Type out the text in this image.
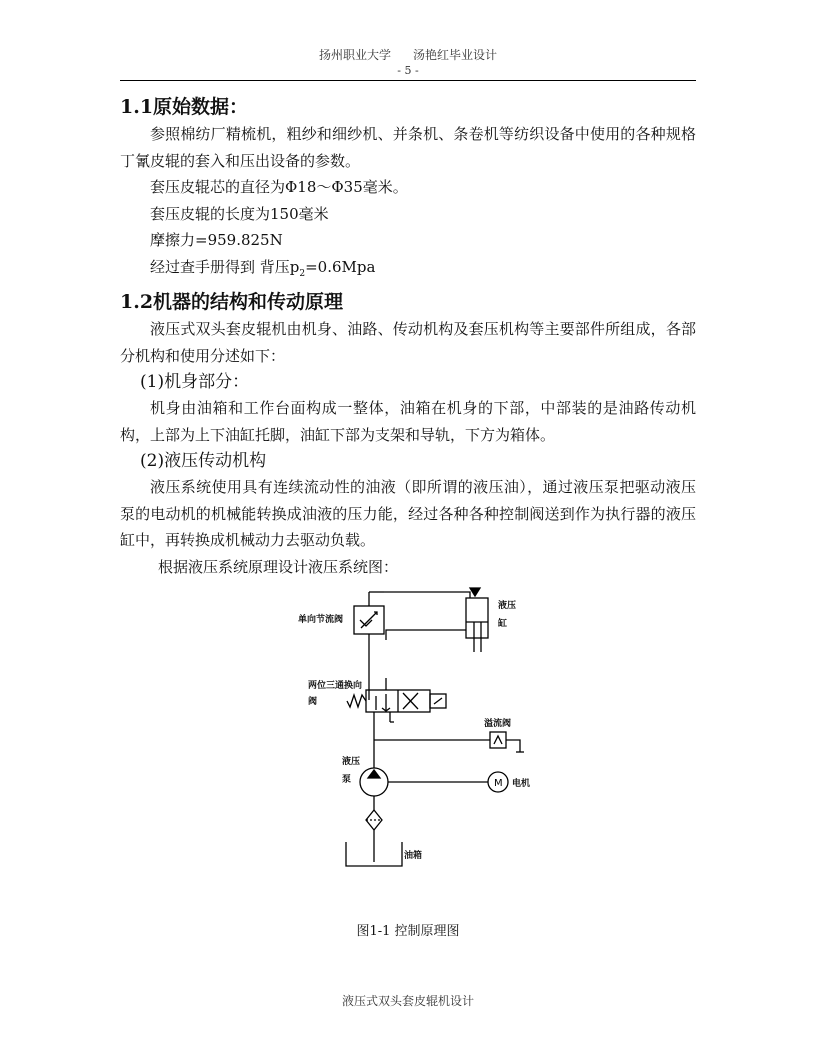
扬州职业大学 汤艳红毕业设计
- 5 -
1.1原始数据：

参照棉纺厂精梳机，粗纱和细纱机、并条机、条卷机等纺织设备中使用的各种规格丁氰皮辊的套入和压出设备的参数。

套压皮辊芯的直径为Φ18～Φ35毫米。

套压皮辊的长度为150毫米

摩擦力=959.825N

经过查手册得到 背压$p_2=0.6Mpa$

1.2机器的结构和传动原理

液压式双头套皮辊机由机身、油路、传动机构及套压机构等主要部件所组成，各部分机构和使用分述如下：

(1)机身部分：

机身由油箱和工作台面构成一整体，油箱在机身的下部，中部装的是油路传动机构，上部为上下油缸托脚，油缸下部为支架和导轨，下方为箱体。

(2)液压传动机构

液压系统使用具有连续流动性的油液（即所谓的液压油），通过液压泵把驱动液压泵的电动机的机械能转换成油液的压力能，经过各种各种控制阀送到作为执行器的液压缸中，再转换成机械动力去驱动负载。

根据液压系统原理设计液压系统图：

M
单向节流阀
液压
缸
两位三通换向
阀
溢流阀
液压
泵	电机
油箱
图1-1 控制原理图
液压式双头套皮辊机设计
